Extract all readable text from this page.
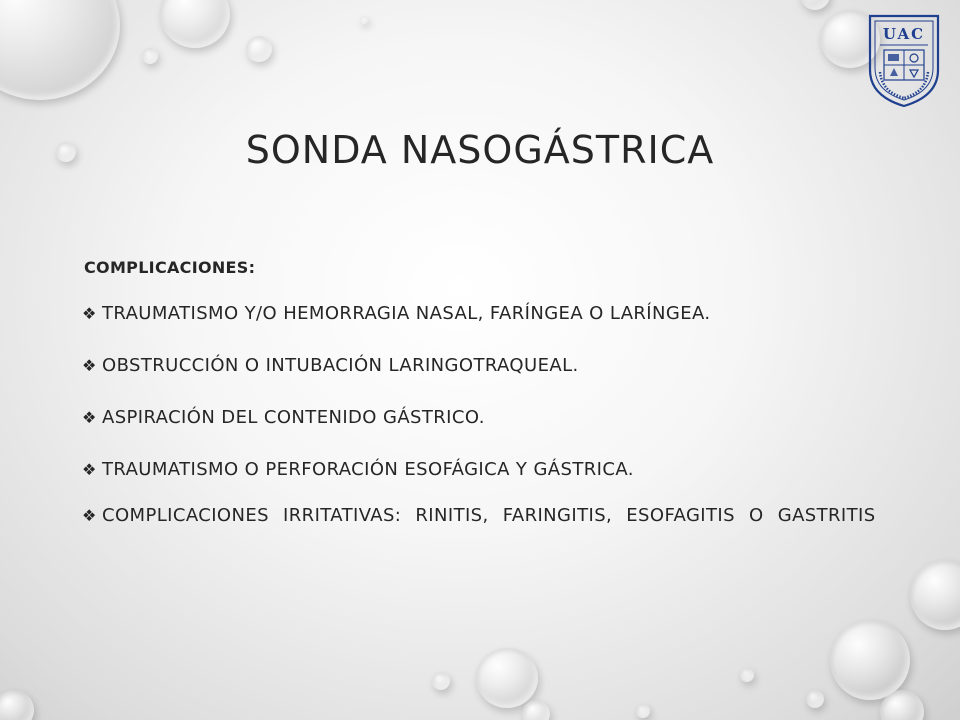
UAC
SONDA NASOGÁSTRICA

COMPLICACIONES:

❖ TRAUMATISMO Y/O HEMORRAGIA NASAL, FARÍNGEA O LARÍNGEA.
❖ OBSTRUCCIÓN O INTUBACIÓN LARINGOTRAQUEAL.
❖ ASPIRACIÓN DEL CONTENIDO GÁSTRICO.
❖ TRAUMATISMO O PERFORACIÓN ESOFÁGICA Y GÁSTRICA.
❖ COMPLICACIONES IRRITATIVAS: RINITIS, FARINGITIS, ESOFAGITIS O GASTRITIS
